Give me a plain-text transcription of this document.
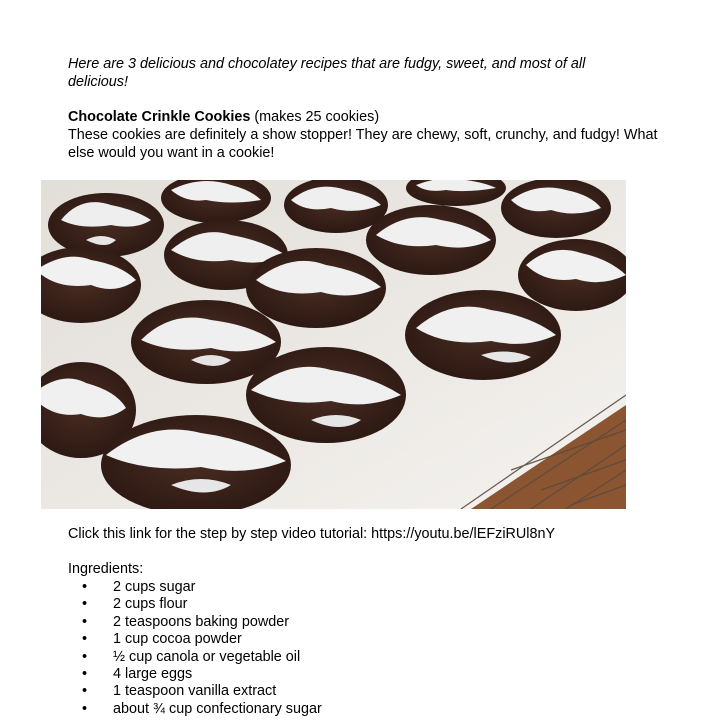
Here are 3 delicious and chocolatey recipes that are fudgy, sweet, and most of all delicious!

Chocolate Crinkle Cookies (makes 25 cookies)

These cookies are definitely a show stopper! They are chewy, soft, crunchy, and fudgy! What else would you want in a cookie!

Click this link for the step by step video tutorial: https://youtu.be/lEFziRUl8nY

Ingredients:

• 2 cups sugar
• 2 cups flour
• 2 teaspoons baking powder
• 1 cup cocoa powder
• ½ cup canola or vegetable oil
• 4 large eggs
• 1 teaspoon vanilla extract
• about ¾ cup confectionary sugar
